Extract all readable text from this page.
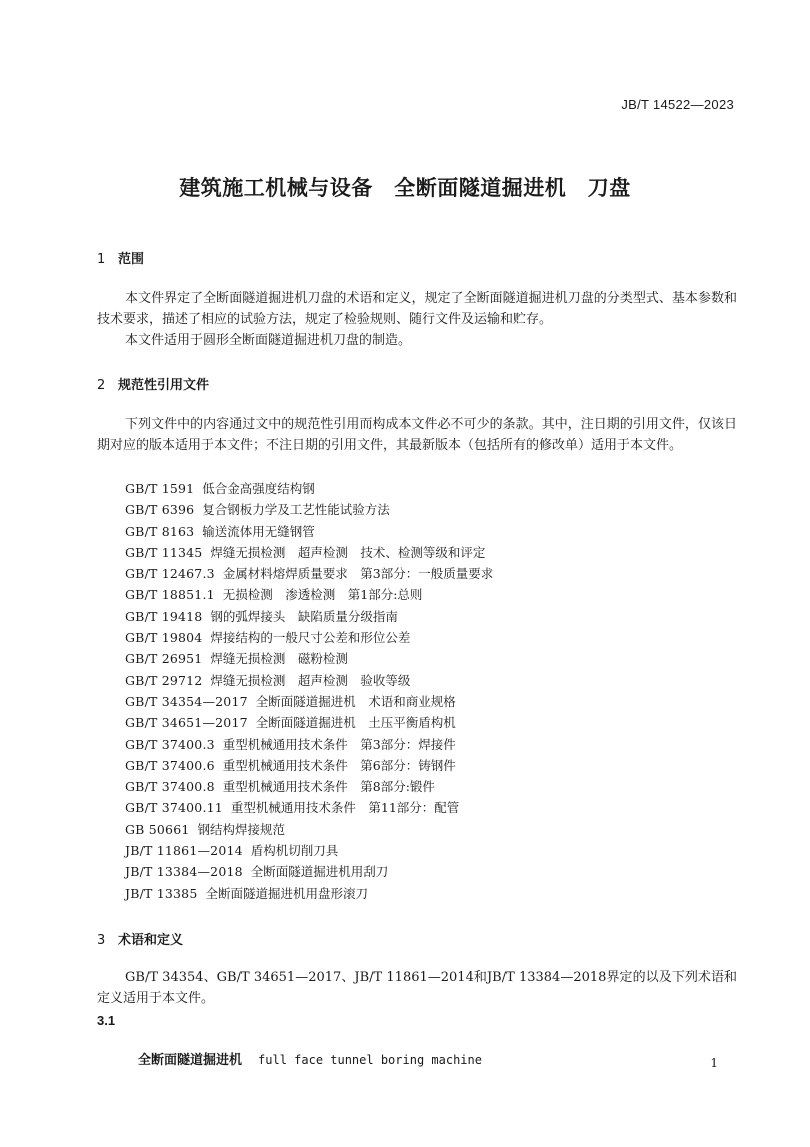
JB/T 14522—2023
建筑施工机械与设备　全断面隧道掘进机　刀盘
1 范围
本文件界定了全断面隧道掘进机刀盘的术语和定义，规定了全断面隧道掘进机刀盘的分类型式、基本参数和技术要求，描述了相应的试验方法，规定了检验规则、随行文件及运输和贮存。
本文件适用于圆形全断面隧道掘进机刀盘的制造。
2 规范性引用文件
下列文件中的内容通过文中的规范性引用而构成本文件必不可少的条款。其中，注日期的引用文件，仅该日期对应的版本适用于本文件；不注日期的引用文件，其最新版本（包括所有的修改单）适用于本文件。
GB/T 1591 低合金高强度结构钢
GB/T 6396 复合钢板力学及工艺性能试验方法
GB/T 8163 输送流体用无缝钢管
GB/T 11345 焊缝无损检测　超声检测　技术、检测等级和评定
GB/T 12467.3 金属材料熔焊质量要求　第3部分：一般质量要求
GB/T 18851.1 无损检测　渗透检测　第1部分:总则
GB/T 19418 钢的弧焊接头　缺陷质量分级指南
GB/T 19804 焊接结构的一般尺寸公差和形位公差
GB/T 26951 焊缝无损检测　磁粉检测
GB/T 29712 焊缝无损检测　超声检测　验收等级
GB/T 34354—2017 全断面隧道掘进机　术语和商业规格
GB/T 34651—2017 全断面隧道掘进机　土压平衡盾构机
GB/T 37400.3 重型机械通用技术条件　第3部分：焊接件
GB/T 37400.6 重型机械通用技术条件　第6部分：铸钢件
GB/T 37400.8 重型机械通用技术条件　第8部分:锻件
GB/T 37400.11 重型机械通用技术条件　第11部分：配管
GB 50661 钢结构焊接规范
JB/T 11861—2014 盾构机切削刀具
JB/T 13384—2018 全断面隧道掘进机用刮刀
JB/T 13385 全断面隧道掘进机用盘形滚刀
3 术语和定义
GB/T 34354、GB/T 34651—2017、JB/T 11861—2014和JB/T 13384—2018界定的以及下列术语和定义适用于本文件。
3.1

全断面隧道掘进机 full face tunnel boring machine
	1
